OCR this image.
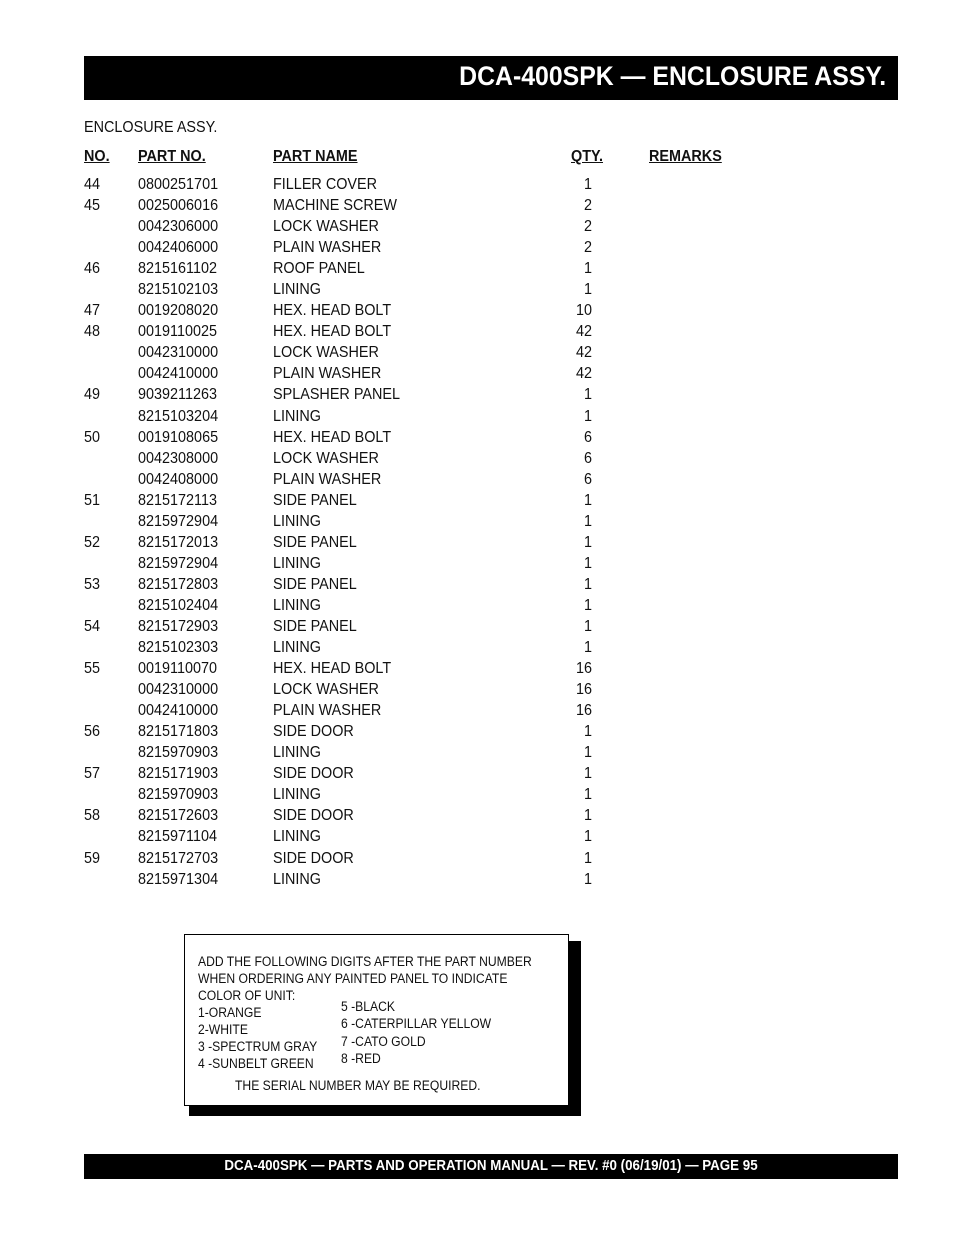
DCA-400SPK — ENCLOSURE ASSY.
ENCLOSURE ASSY.
NO. PART NO.	PART NAME	QTY.	REMARKS
44 0800251701	FILLER COVER	1
45 0025006016	MACHINE SCREW	2
0042306000	LOCK WASHER	2
0042406000	PLAIN WASHER	2
46 8215161102	ROOF PANEL	1
8215102103	LINING	1
47 0019208020	HEX. HEAD BOLT	10
48 0019110025	HEX. HEAD BOLT	42
0042310000	LOCK WASHER	42
0042410000	PLAIN WASHER	42
49 9039211263	SPLASHER PANEL	1
8215103204	LINING	1
50 0019108065	HEX. HEAD BOLT	6
0042308000	LOCK WASHER	6
0042408000	PLAIN WASHER	6
51 8215172113	SIDE PANEL	1
8215972904	LINING	1
52 8215172013	SIDE PANEL	1
8215972904	LINING	1
53 8215172803	SIDE PANEL	1
8215102404	LINING	1
54 8215172903	SIDE PANEL	1
8215102303	LINING	1
55 0019110070	HEX. HEAD BOLT	16
0042310000	LOCK WASHER	16
0042410000	PLAIN WASHER	16
56 8215171803	SIDE DOOR	1
8215970903	LINING	1
57 8215171903	SIDE DOOR	1
8215970903	LINING	1
58 8215172603	SIDE DOOR	1
8215971104	LINING	1
59 8215172703	SIDE DOOR	1
8215971304	LINING	1
ADD THE FOLLOWING DIGITS AFTER THE PART NUMBER
WHEN ORDERING ANY PAINTED PANEL TO INDICATE
COLOR OF UNIT:
1-ORANGE
2-WHITE
3 -SPECTRUM GRAY
4 -SUNBELT GREEN
5 -BLACK
6 -CATERPILLAR YELLOW
7 -CATO GOLD
8 -RED
THE SERIAL NUMBER MAY BE REQUIRED.
DCA-400SPK — PARTS AND OPERATION MANUAL — REV. #0 (06/19/01) — PAGE 95
